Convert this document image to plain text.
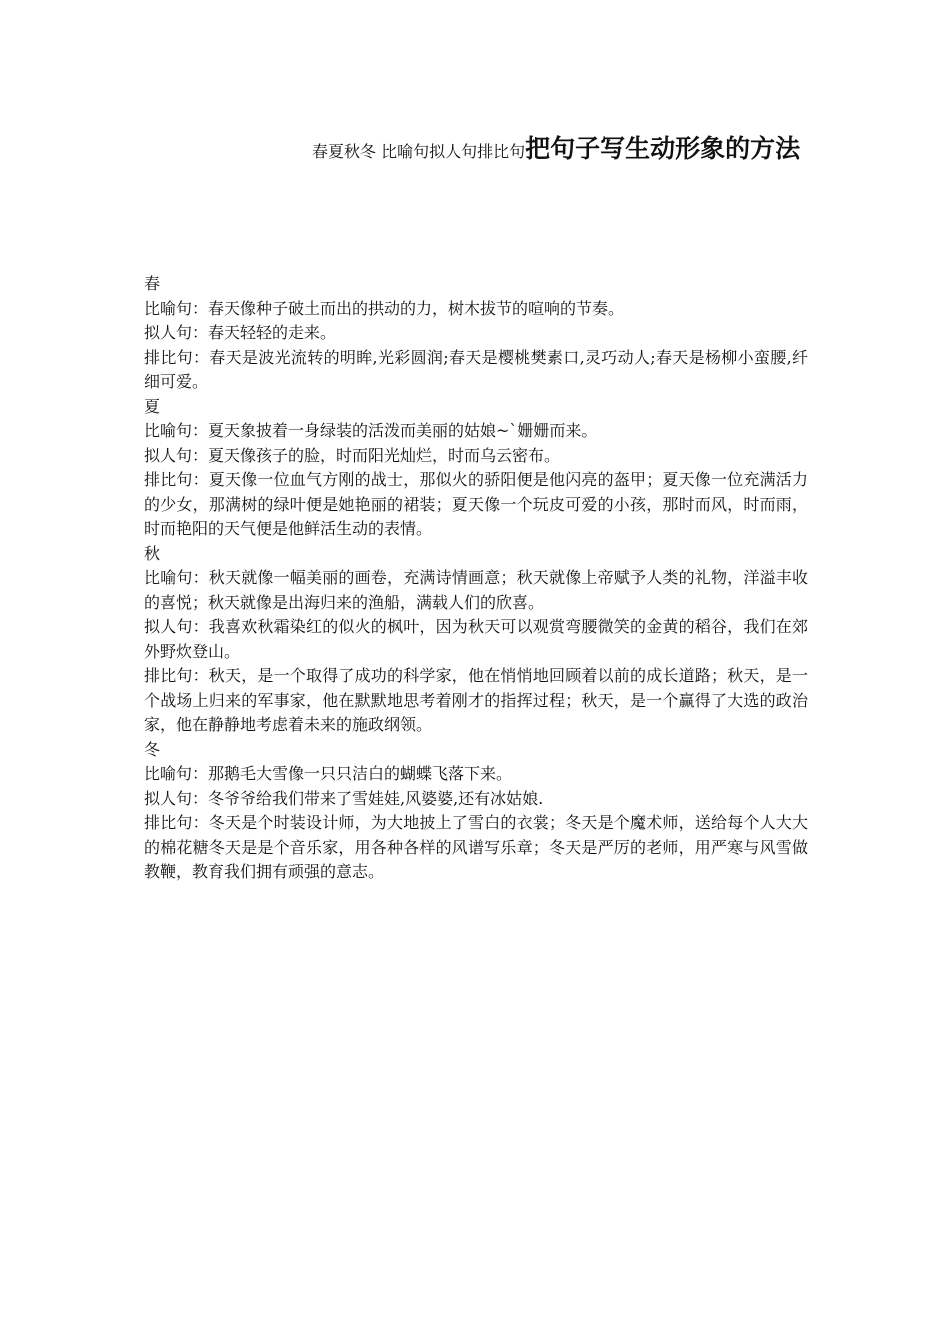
春夏秋冬 比喻句拟人句排比句把句子写生动形象的方法

春

比喻句：春天像种子破土而出的拱动的力，树木拔节的喧响的节奏。

拟人句：春天轻轻的走来。

排比句：春天是波光流转的明眸,光彩圆润;春天是樱桃樊素口,灵巧动人;春天是杨柳小蛮腰,纤细可爱。

夏

比喻句：夏天象披着一身绿装的活泼而美丽的姑娘~`姗姗而来。

拟人句：夏天像孩子的脸，时而阳光灿烂，时而乌云密布。

排比句：夏天像一位血气方刚的战士，那似火的骄阳便是他闪亮的盔甲；夏天像一位充满活力的少女，那满树的绿叶便是她艳丽的裙装；夏天像一个玩皮可爱的小孩，那时而风，时而雨，时而艳阳的天气便是他鲜活生动的表情。

秋

比喻句：秋天就像一幅美丽的画卷，充满诗情画意；秋天就像上帝赋予人类的礼物，洋溢丰收的喜悦；秋天就像是出海归来的渔船，满载人们的欣喜。

拟人句：我喜欢秋霜染红的似火的枫叶，因为秋天可以观赏弯腰微笑的金黄的稻谷，我们在郊外野炊登山。

排比句：秋天，是一个取得了成功的科学家，他在悄悄地回顾着以前的成长道路；秋天，是一个战场上归来的军事家，他在默默地思考着刚才的指挥过程；秋天，是一个赢得了大选的政治家，他在静静地考虑着未来的施政纲领。

冬

比喻句：那鹅毛大雪像一只只洁白的蝴蝶飞落下来。

拟人句：冬爷爷给我们带来了雪娃娃,风婆婆,还有冰姑娘.

排比句：冬天是个时装设计师，为大地披上了雪白的衣裳；冬天是个魔术师，送给每个人大大的棉花糖冬天是是个音乐家，用各种各样的风谱写乐章；冬天是严厉的老师，用严寒与风雪做教鞭，教育我们拥有顽强的意志。
